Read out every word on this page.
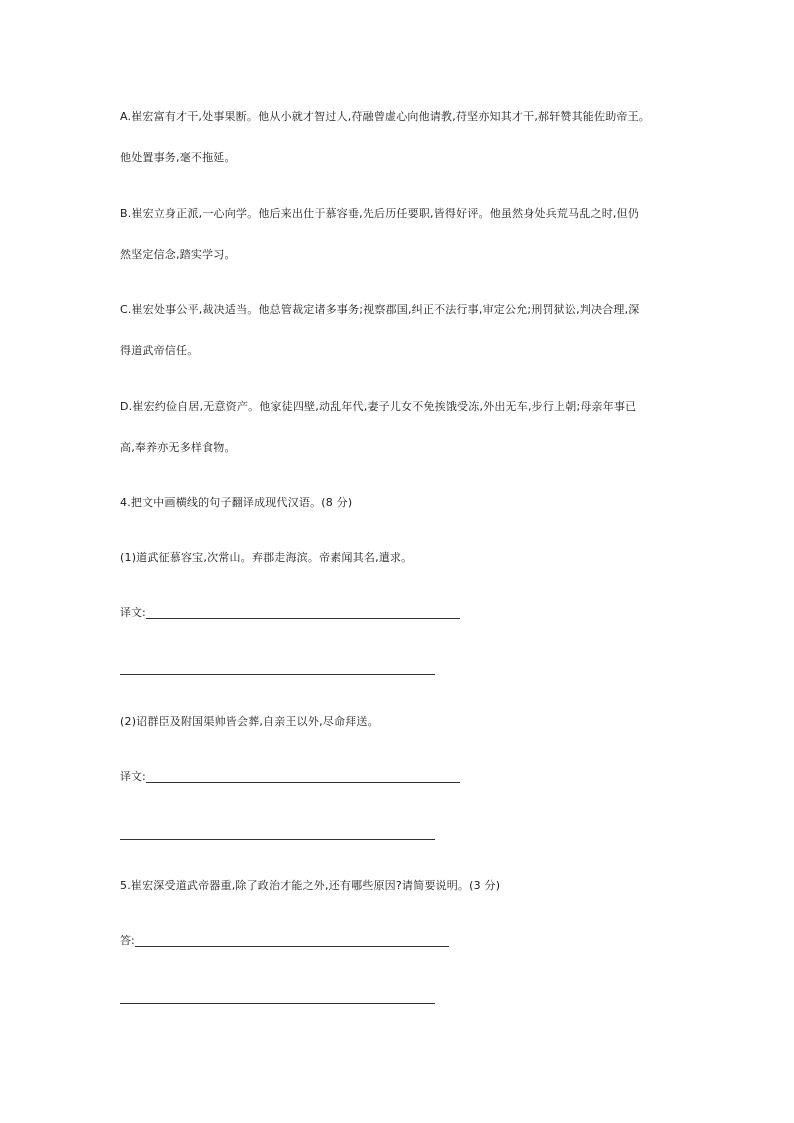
A.崔宏富有才干,处事果断。他从小就才智过人,苻融曾虚心向他请教,苻坚亦知其才干,郝轩赞其能佐助帝王。
他处置事务,毫不拖延。
B.崔宏立身正派,一心向学。他后来出仕于慕容垂,先后历任要职,皆得好评。他虽然身处兵荒马乱之时,但仍
然坚定信念,踏实学习。
C.崔宏处事公平,裁决适当。他总管裁定诸多事务;视察郡国,纠正不法行事,审定公允;刑罚狱讼,判决合理,深
得道武帝信任。
D.崔宏约俭自居,无意资产。他家徒四壁,动乱年代,妻子儿女不免挨饿受冻,外出无车,步行上朝;母亲年事已
高,奉养亦无多样食物。
4.把文中画横线的句子翻译成现代汉语。(8 分)
(1)道武征慕容宝,次常山。弃郡走海滨。帝素闻其名,遣求。
译文:
(2)诏群臣及附国渠帅皆会葬,自亲王以外,尽命拜送。
译文:
5.崔宏深受道武帝器重,除了政治才能之外,还有哪些原因?请简要说明。(3 分)
答:
